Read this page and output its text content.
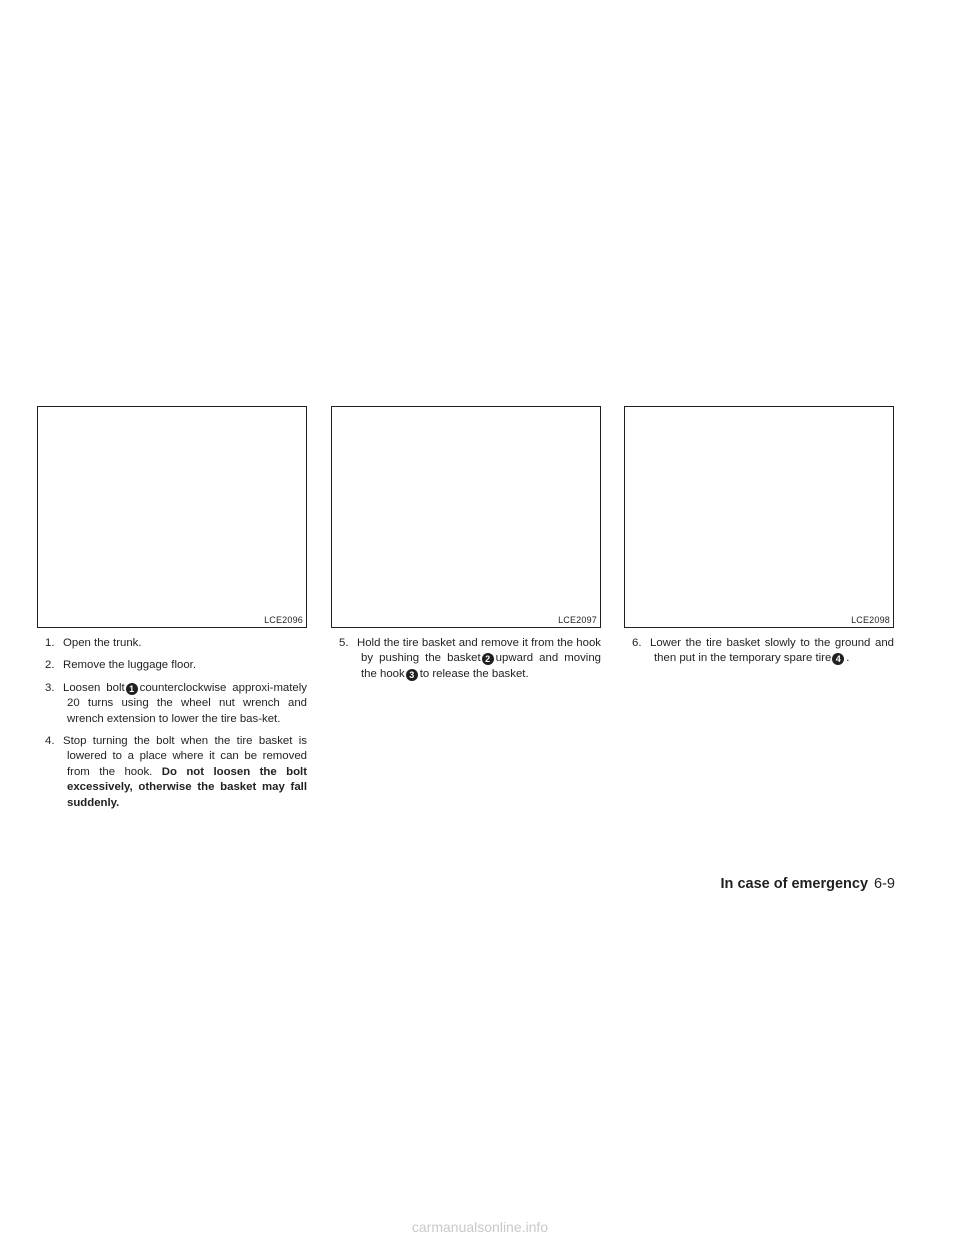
LCE2096
1. Open the trunk.
2. Remove the luggage floor.
3. Loosen bolt 1 counterclockwise approxi-mately 20 turns using the wheel nut wrench and wrench extension to lower the tire bas-ket.
4. Stop turning the bolt when the tire basket is lowered to a place where it can be removed from the hook. Do not loosen the bolt excessively, otherwise the basket may fall suddenly.
LCE2097
5. Hold the tire basket and remove it from the hook by pushing the basket 2 upward and moving the hook 3 to release the basket.
LCE2098
6. Lower the tire basket slowly to the ground and then put in the temporary spare tire 4 .
In case of emergency 6-9
carmanualsonline.info
